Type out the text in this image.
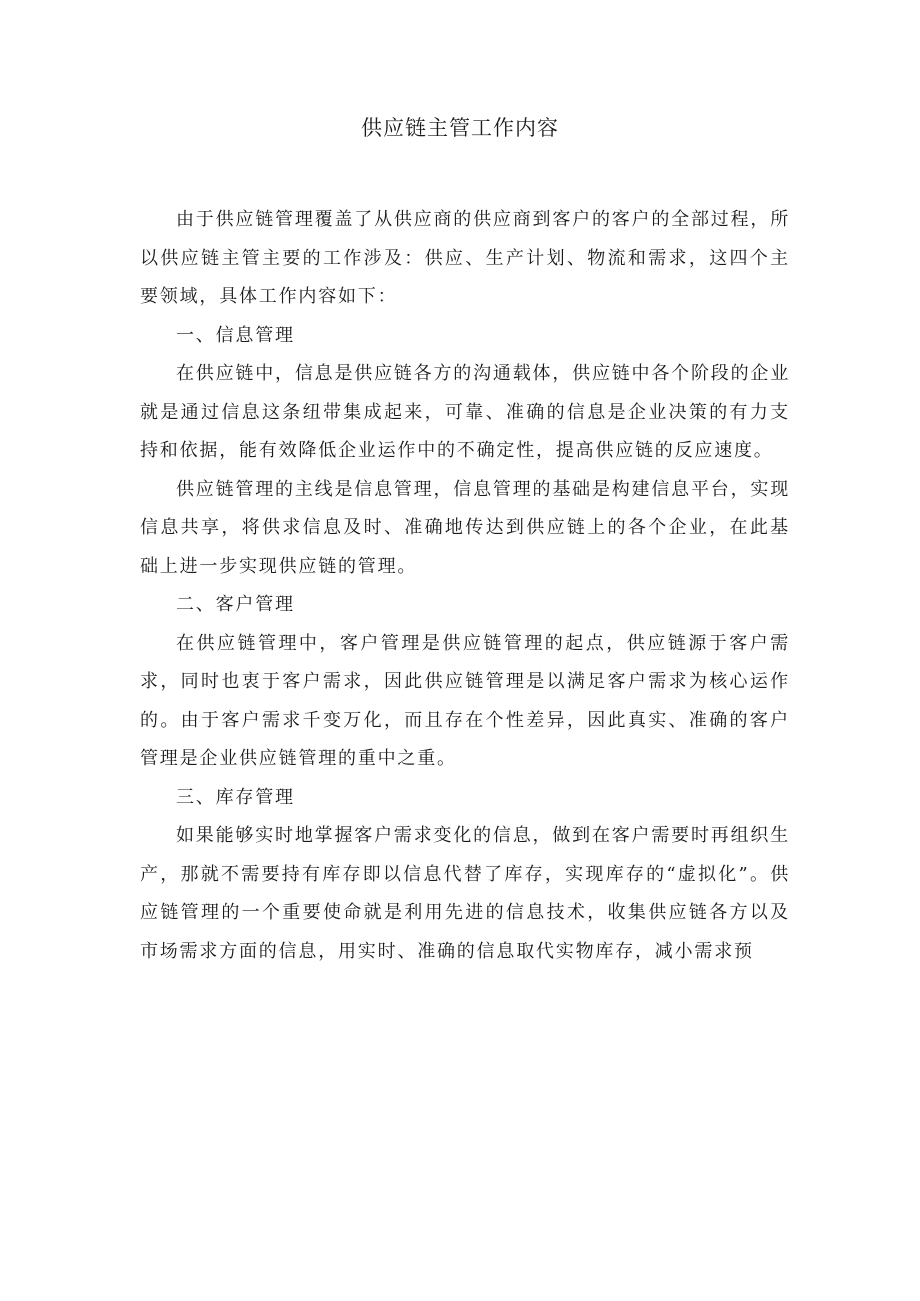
供应链主管工作内容

由于供应链管理覆盖了从供应商的供应商到客户的客户的全部过程，所以供应链主管主要的工作涉及：供应、生产计划、物流和需求，这四个主要领域，具体工作内容如下：

一、信息管理

在供应链中，信息是供应链各方的沟通载体，供应链中各个阶段的企业就是通过信息这条纽带集成起来，可靠、准确的信息是企业决策的有力支持和依据，能有效降低企业运作中的不确定性，提高供应链的反应速度。

供应链管理的主线是信息管理，信息管理的基础是构建信息平台，实现信息共享，将供求信息及时、准确地传达到供应链上的各个企业，在此基础上进一步实现供应链的管理。

二、客户管理

在供应链管理中，客户管理是供应链管理的起点，供应链源于客户需求，同时也衷于客户需求，因此供应链管理是以满足客户需求为核心运作的。由于客户需求千变万化，而且存在个性差异，因此真实、准确的客户管理是企业供应链管理的重中之重。

三、库存管理

如果能够实时地掌握客户需求变化的信息，做到在客户需要时再组织生产，那就不需要持有库存即以信息代替了库存，实现库存的“虚拟化”。供应链管理的一个重要使命就是利用先进的信息技术，收集供应链各方以及市场需求方面的信息，用实时、准确的信息取代实物库存，减小需求预
